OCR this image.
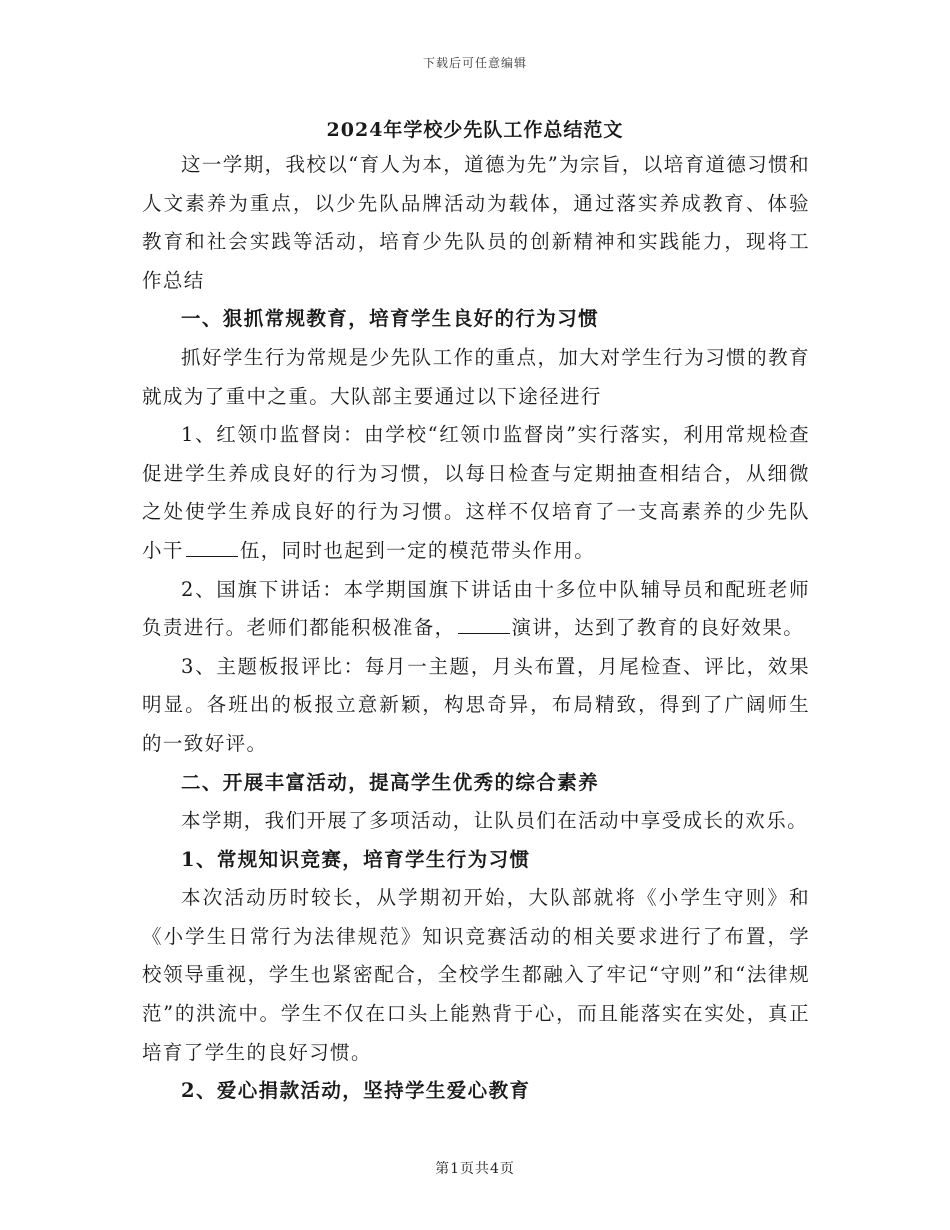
下载后可任意编辑
2024年学校少先队工作总结范文

这一学期，我校以“育人为本，道德为先”为宗旨，以培育道德习惯和人文素养为重点，以少先队品牌活动为载体，通过落实养成教育、体验教育和社会实践等活动，培育少先队员的创新精神和实践能力，现将工作总结

一、狠抓常规教育，培育学生良好的行为习惯

抓好学生行为常规是少先队工作的重点，加大对学生行为习惯的教育就成为了重中之重。大队部主要通过以下途径进行

1、红领巾监督岗：由学校“红领巾监督岗”实行落实，利用常规检查促进学生养成良好的行为习惯，以每日检查与定期抽查相结合，从细微之处使学生养成良好的行为习惯。这样不仅培育了一支高素养的少先队小干	伍，同时也起到一定的模范带头作用。

2、国旗下讲话：本学期国旗下讲话由十多位中队辅导员和配班老师负责进行。老师们都能积极准备，	演讲，达到了教育的良好效果。

3、主题板报评比：每月一主题，月头布置，月尾检查、评比，效果明显。各班出的板报立意新颖，构思奇异，布局精致，得到了广阔师生的一致好评。

二、开展丰富活动，提高学生优秀的综合素养

本学期，我们开展了多项活动，让队员们在活动中享受成长的欢乐。

1、常规知识竞赛，培育学生行为习惯

本次活动历时较长，从学期初开始，大队部就将《小学生守则》和《小学生日常行为法律规范》知识竞赛活动的相关要求进行了布置，学校领导重视，学生也紧密配合，全校学生都融入了牢记“守则”和“法律规范”的洪流中。学生不仅在口头上能熟背于心，而且能落实在实处，真正培育了学生的良好习惯。

2、爱心捐款活动，坚持学生爱心教育

第1页共4页
